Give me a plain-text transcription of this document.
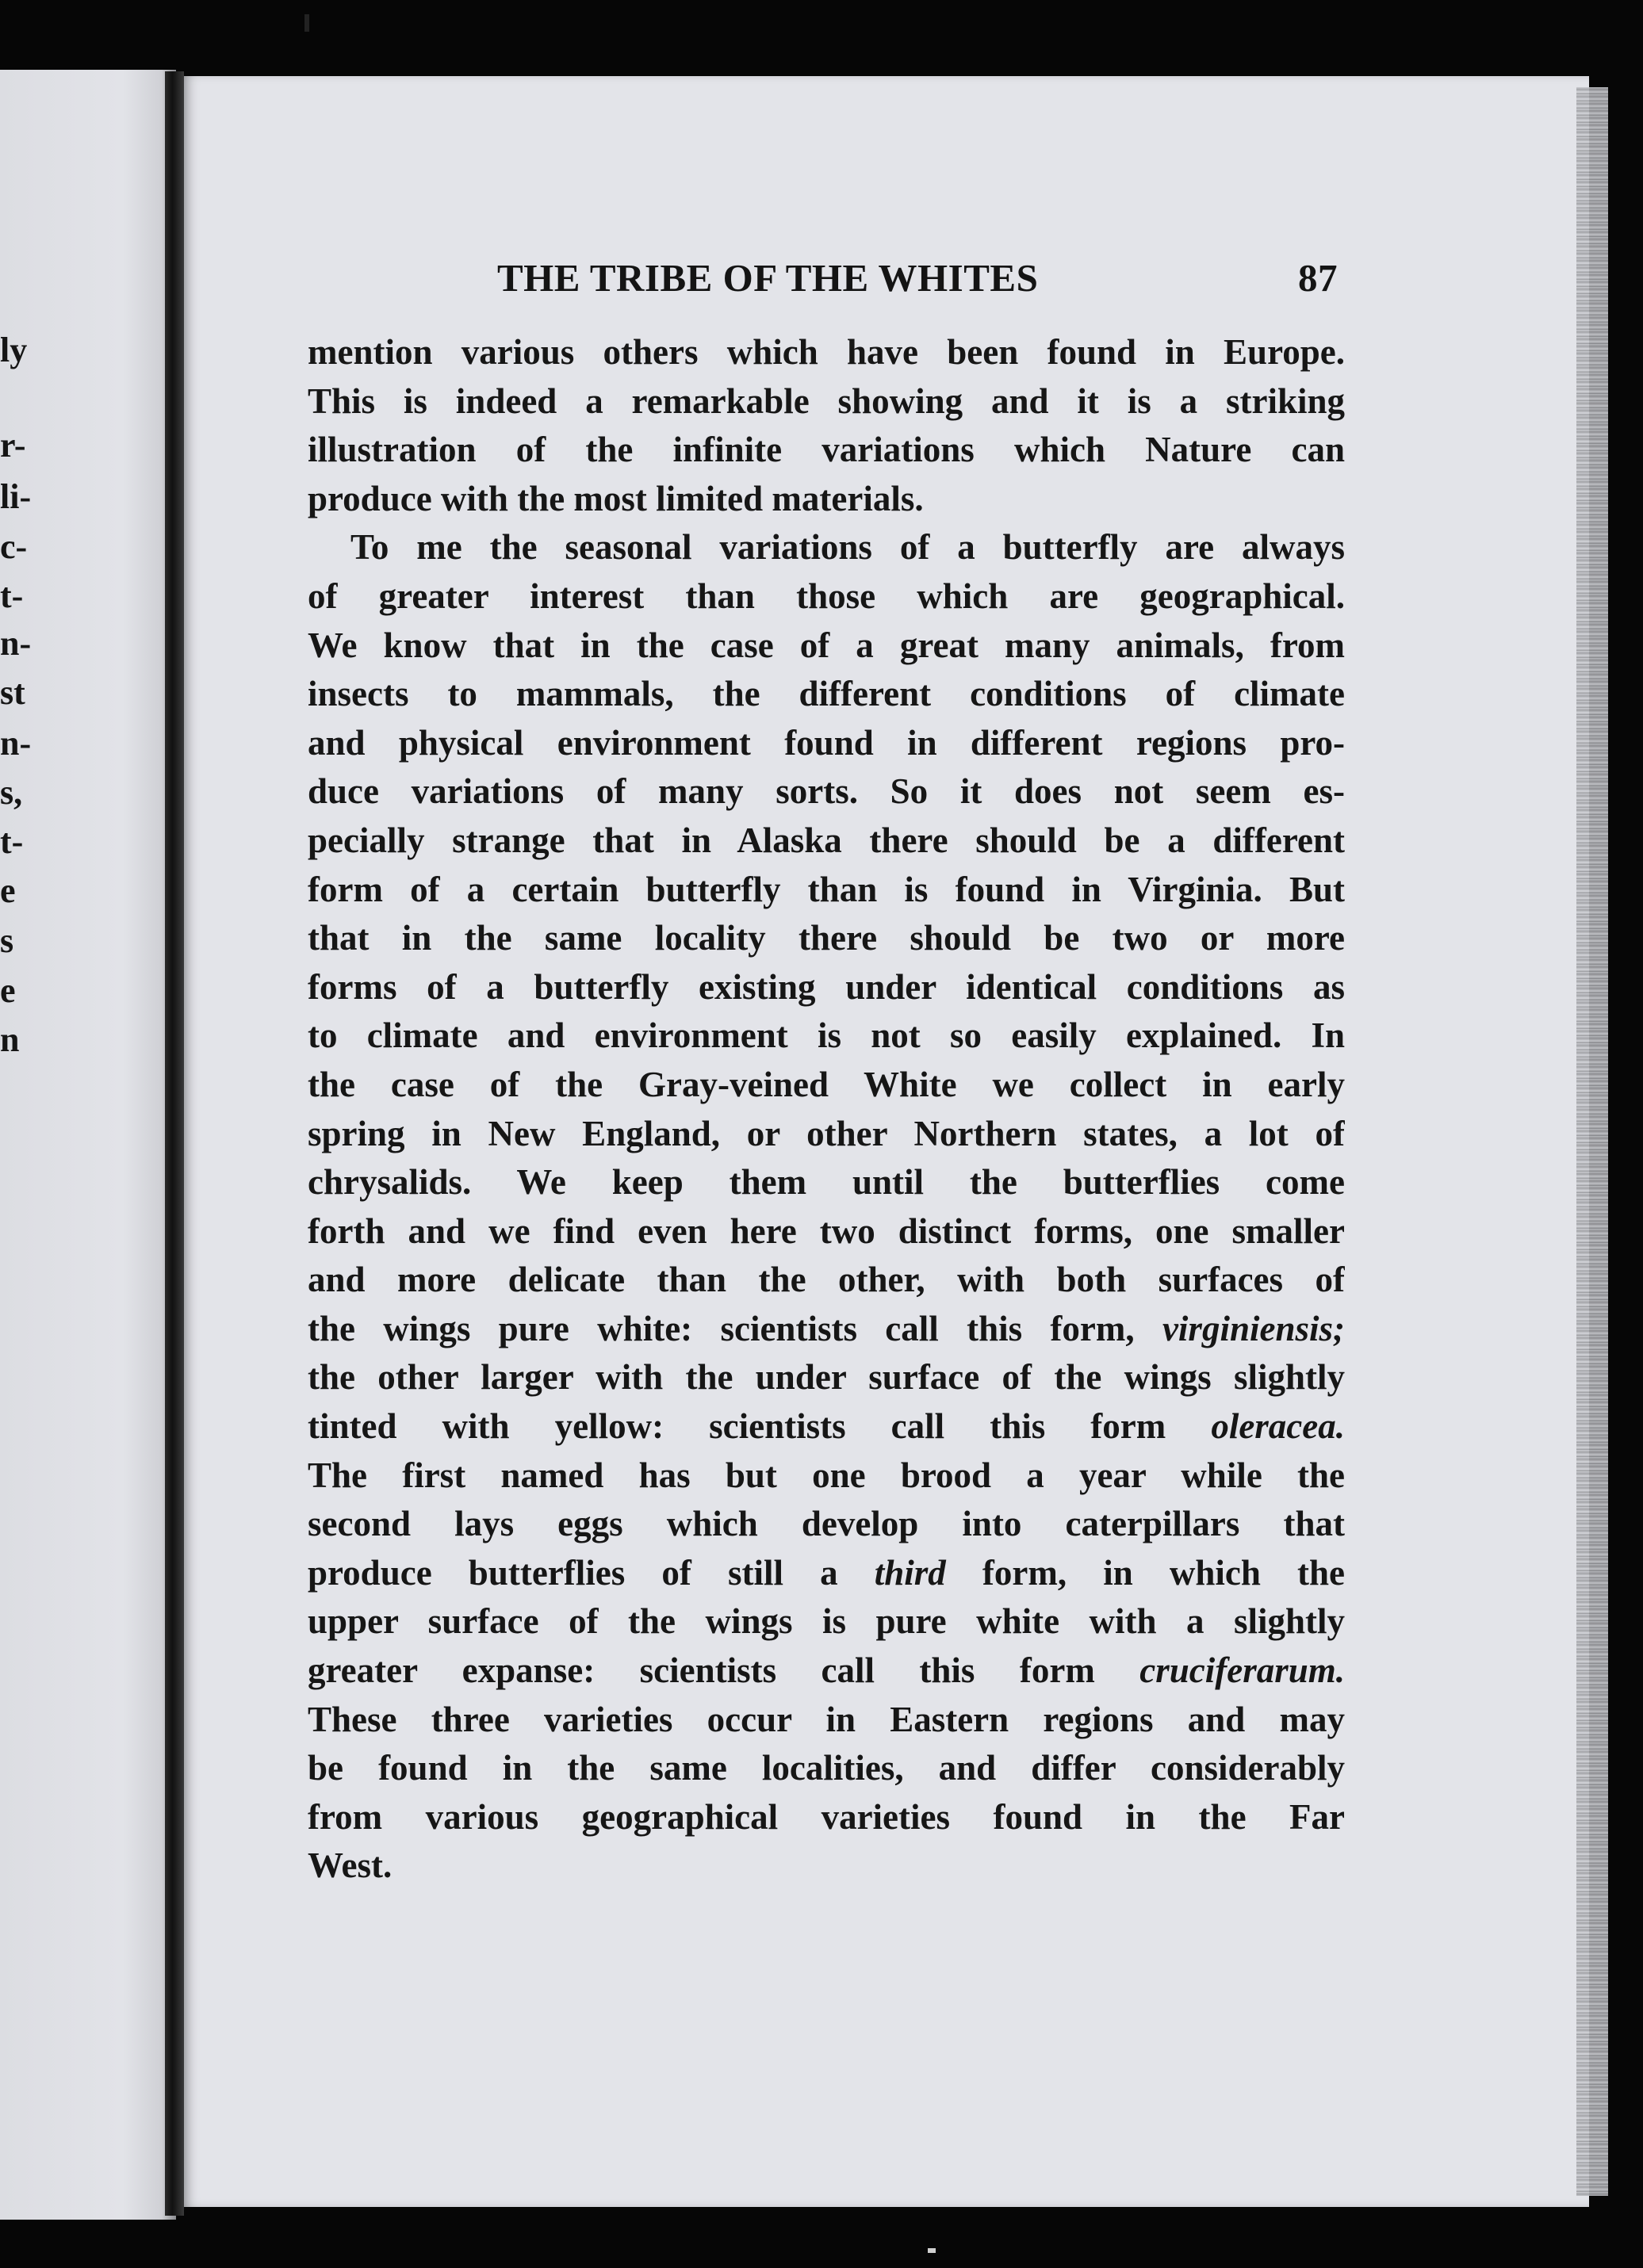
ly
r-
li-
c-
t-
n-
st
n-
s,
t-
e
s
e
n
THE TRIBE OF THE WHITES	87
mention various others which have been found in Europe.
This is indeed a remarkable showing and it is a striking
illustration of the infinite variations which Nature can
produce with the most limited materials.
To me the seasonal variations of a butterfly are always
of greater interest than those which are geographical.
We know that in the case of a great many animals, from
insects to mammals, the different conditions of climate
and physical environment found in different regions pro-
duce variations of many sorts. So it does not seem es-
pecially strange that in Alaska there should be a different
form of a certain butterfly than is found in Virginia. But
that in the same locality there should be two or more
forms of a butterfly existing under identical conditions as
to climate and environment is not so easily explained. In
the case of the Gray-veined White we collect in early
spring in New England, or other Northern states, a lot of
chrysalids. We keep them until the butterflies come
forth and we find even here two distinct forms, one smaller
and more delicate than the other, with both surfaces of
the wings pure white: scientists call this form, virginiensis;
the other larger with the under surface of the wings slightly
tinted with yellow: scientists call this form oleracea.
The first named has but one brood a year while the
second lays eggs which develop into caterpillars that
produce butterflies of still a third form, in which the
upper surface of the wings is pure white with a slightly
greater expanse: scientists call this form cruciferarum.
These three varieties occur in Eastern regions and may
be found in the same localities, and differ considerably
from various geographical varieties found in the Far
West.
